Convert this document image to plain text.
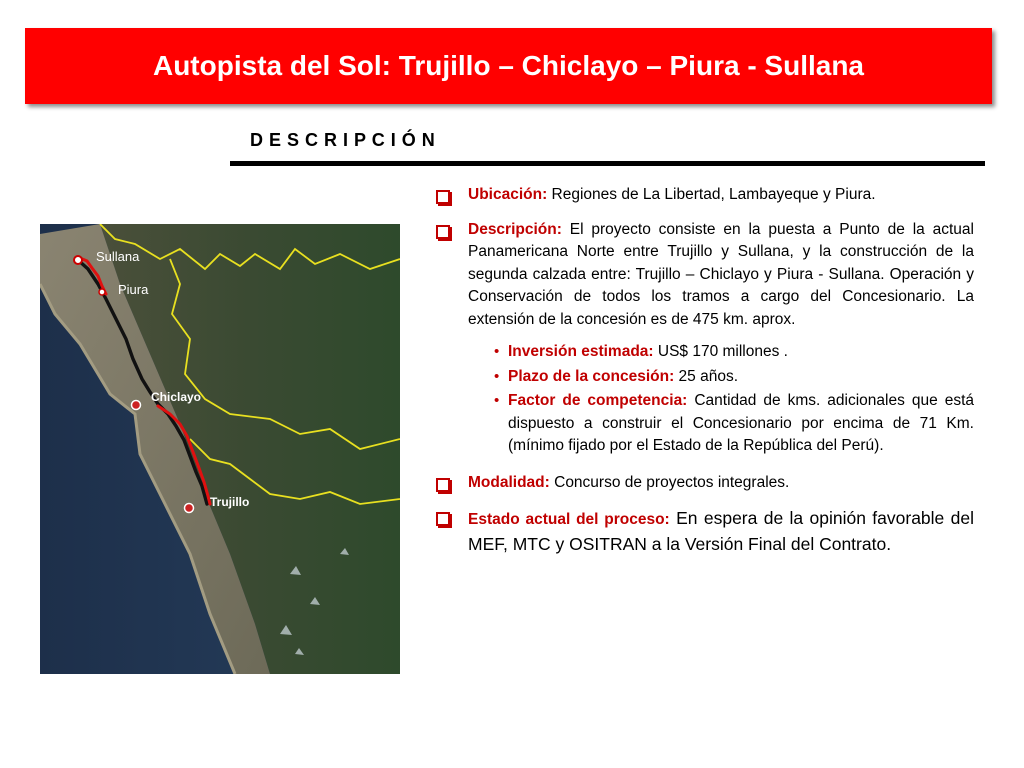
Autopista del Sol: Trujillo – Chiclayo – Piura - Sullana
D E S C R I P C I Ó N
Sullana
Piura
Chiclayo
Trujillo
Ubicación: Regiones de La Libertad, Lambayeque y Piura.
Descripción: El proyecto consiste en la puesta a Punto de la actual Panamericana Norte entre Trujillo y Sullana, y la construcción de la segunda calzada entre: Trujillo – Chiclayo y Piura - Sullana. Operación y Conservación de todos los tramos a cargo del Concesionario. La extensión de la concesión es de 475 km. aprox.
• Inversión estimada: US$ 170 millones .
• Plazo de la concesión: 25 años.
• Factor de competencia: Cantidad de kms. adicionales que está dispuesto a construir el Concesionario por encima de 71 Km. (mínimo fijado por el Estado de la República del Perú).
Modalidad: Concurso de proyectos integrales.
Estado actual del proceso: En espera de la opinión favorable del MEF, MTC y OSITRAN a la Versión Final del Contrato.
